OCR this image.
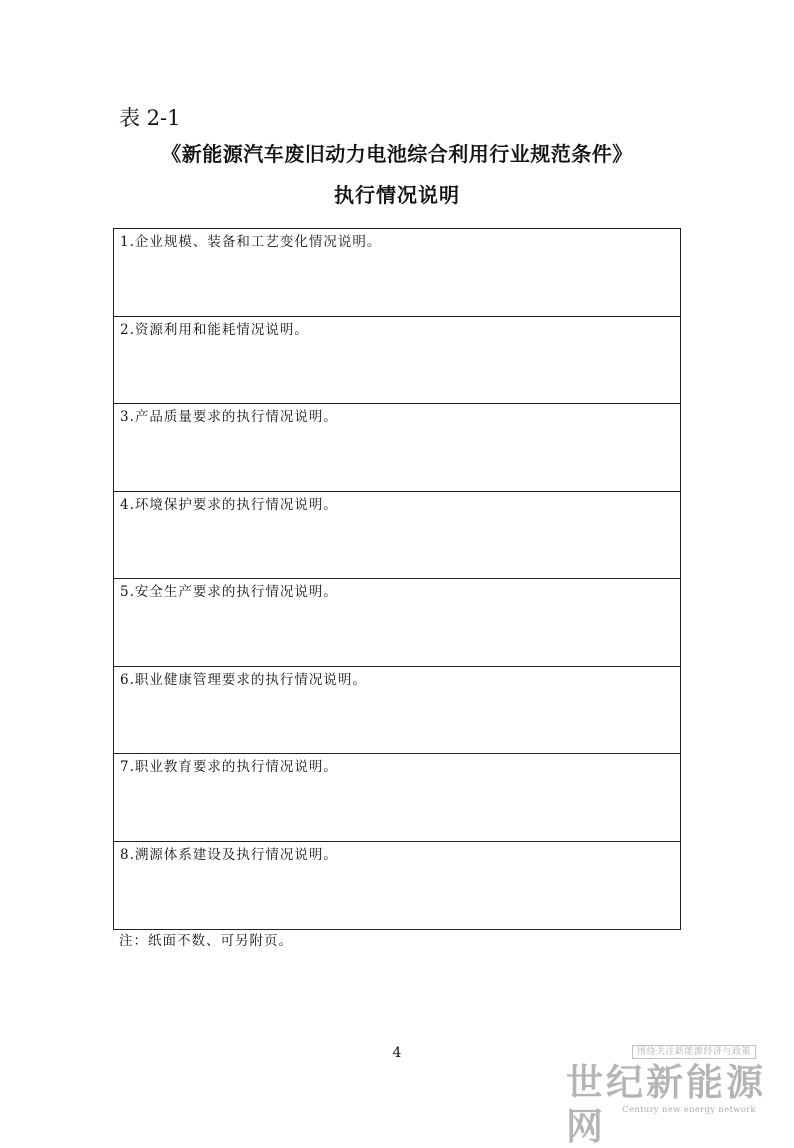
表 2-1
《新能源汽车废旧动力电池综合利用行业规范条件》
执行情况说明
1.企业规模、装备和工艺变化情况说明。
2.资源利用和能耗情况说明。
3.产品质量要求的执行情况说明。
4.环境保护要求的执行情况说明。
5.安全生产要求的执行情况说明。
6.职业健康管理要求的执行情况说明。
7.职业教育要求的执行情况说明。
8.溯源体系建设及执行情况说明。
注：纸面不数、可另附页。
4	围绕关注新能源经济与政策
世纪新能源网	Century new energy network
